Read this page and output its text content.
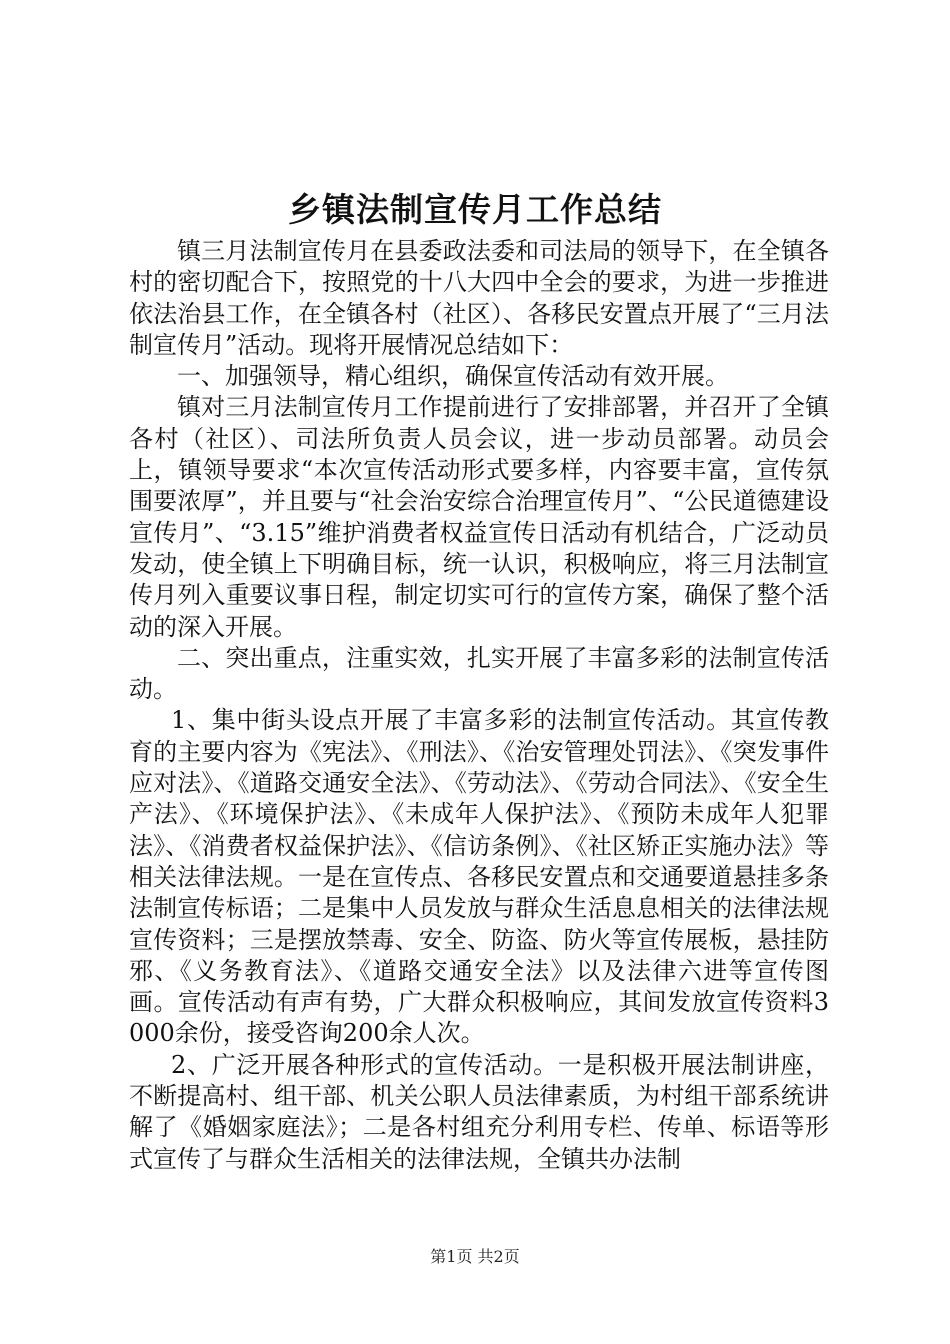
乡镇法制宣传月工作总结

镇三月法制宣传月在县委政法委和司法局的领导下，在全镇各村的密切配合下，按照党的十八大四中全会的要求，为进一步推进依法治县工作，在全镇各村（社区）、各移民安置点开展了“三月法制宣传月”活动。现将开展情况总结如下：

一、加强领导，精心组织，确保宣传活动有效开展。

镇对三月法制宣传月工作提前进行了安排部署，并召开了全镇各村（社区）、司法所负责人员会议，进一步动员部署。动员会上，镇领导要求“本次宣传活动形式要多样，内容要丰富，宣传氛围要浓厚”，并且要与“社会治安综合治理宣传月”、“公民道德建设宣传月”、“3.15”维护消费者权益宣传日活动有机结合，广泛动员发动，使全镇上下明确目标，统一认识，积极响应，将三月法制宣传月列入重要议事日程，制定切实可行的宣传方案，确保了整个活动的深入开展。

二、突出重点，注重实效，扎实开展了丰富多彩的法制宣传活动。

1、集中街头设点开展了丰富多彩的法制宣传活动。其宣传教育的主要内容为《宪法》、《刑法》、《治安管理处罚法》、《突发事件应对法》、《道路交通安全法》、《劳动法》、《劳动合同法》、《安全生产法》、《环境保护法》、《未成年人保护法》、《预防未成年人犯罪法》、《消费者权益保护法》、《信访条例》、《社区矫正实施办法》等相关法律法规。一是在宣传点、各移民安置点和交通要道悬挂多条法制宣传标语；二是集中人员发放与群众生活息息相关的法律法规宣传资料；三是摆放禁毒、安全、防盗、防火等宣传展板，悬挂防邪、《义务教育法》、《道路交通安全法》以及法律六进等宣传图画。宣传活动有声有势，广大群众积极响应，其间发放宣传资料3000余份，接受咨询200余人次。

2、广泛开展各种形式的宣传活动。一是积极开展法制讲座，不断提高村、组干部、机关公职人员法律素质，为村组干部系统讲解了《婚姻家庭法》；二是各村组充分利用专栏、传单、标语等形式宣传了与群众生活相关的法律法规，全镇共办法制

第1页 共2页
